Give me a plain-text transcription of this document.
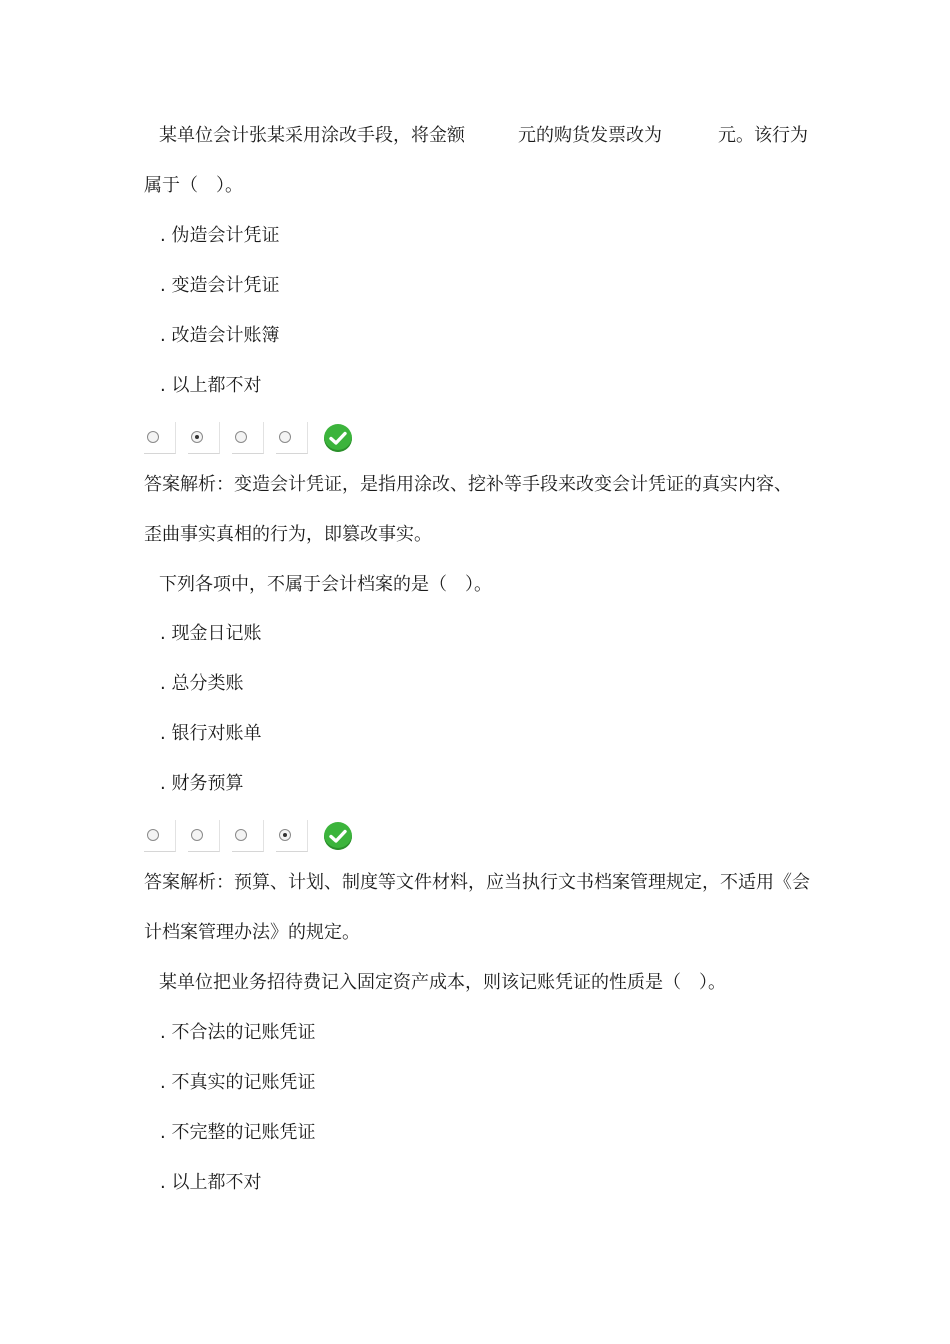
某单位会计张某采用涂改手段，将金额	元的购货发票改为	元。该行为
属于（　）。
. 伪造会计凭证
. 变造会计凭证
. 改造会计账簿
. 以上都不对
答案解析：变造会计凭证，是指用涂改、挖补等手段来改变会计凭证的真实内容、
歪曲事实真相的行为，即篡改事实。
下列各项中，不属于会计档案的是（　）。
. 现金日记账
. 总分类账
. 银行对账单
. 财务预算
答案解析：预算、计划、制度等文件材料，应当执行文书档案管理规定，不适用《会
计档案管理办法》的规定。
某单位把业务招待费记入固定资产成本，则该记账凭证的性质是（　）。
. 不合法的记账凭证
. 不真实的记账凭证
. 不完整的记账凭证
. 以上都不对
